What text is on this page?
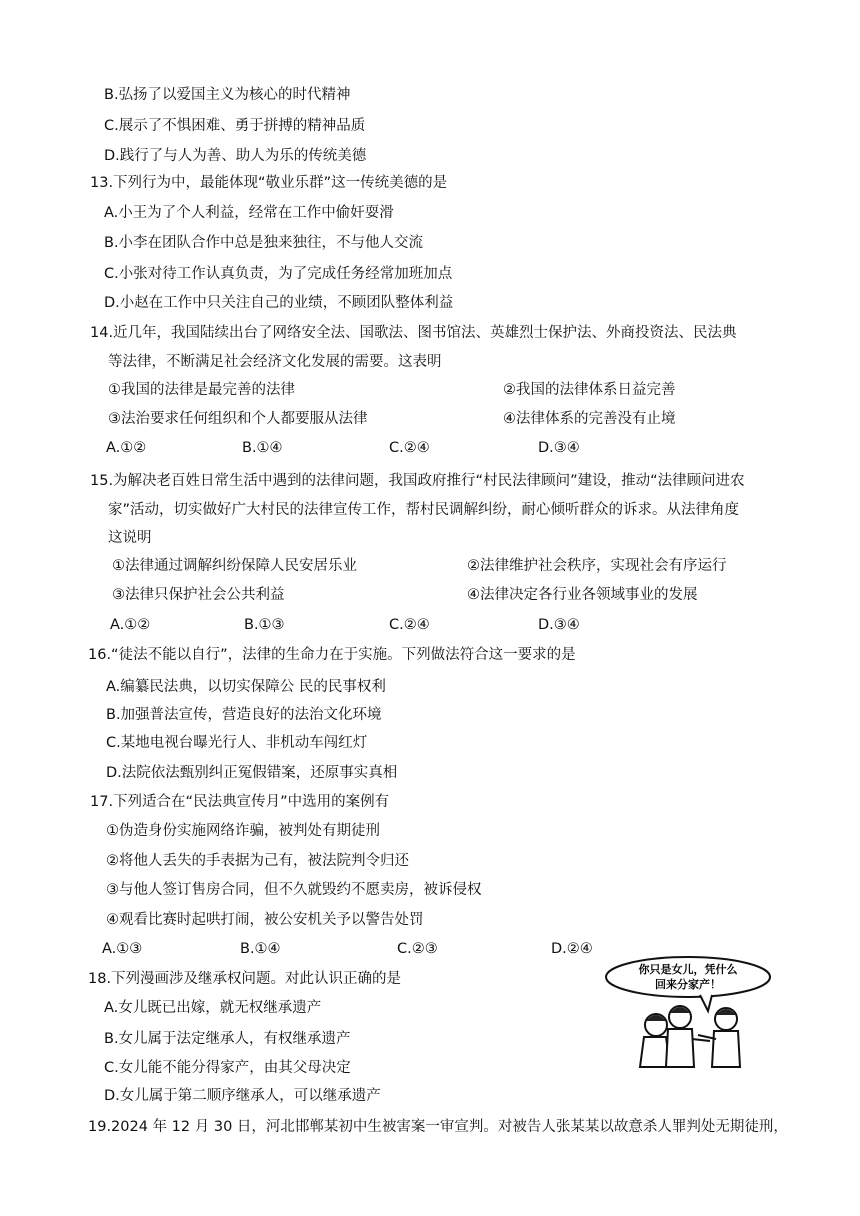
B.弘扬了以爱国主义为核心的时代精神
C.展示了不惧困难、勇于拼搏的精神品质
D.践行了与人为善、助人为乐的传统美德
13.下列行为中，最能体现“敬业乐群”这一传统美德的是
A.小王为了个人利益，经常在工作中偷奸耍滑
B.小李在团队合作中总是独来独往，不与他人交流
C.小张对待工作认真负责，为了完成任务经常加班加点
D.小赵在工作中只关注自己的业绩，不顾团队整体利益
14.近几年，我国陆续出台了网络安全法、国歌法、图书馆法、英雄烈士保护法、外商投资法、民法典
等法律，不断满足社会经济文化发展的需要。这表明
①我国的法律是最完善的法律	②我国的法律体系日益完善
③法治要求任何组织和个人都要服从法律	④法律体系的完善没有止境
A.①②	B.①④	C.②④	D.③④
15.为解决老百姓日常生活中遇到的法律问题，我国政府推行“村民法律顾问”建设，推动“法律顾问进农
家”活动，切实做好广大村民的法律宣传工作，帮村民调解纠纷，耐心倾听群众的诉求。从法律角度
这说明
①法律通过调解纠纷保障人民安居乐业	②法律维护社会秩序，实现社会有序运行
③法律只保护社会公共利益	④法律决定各行业各领域事业的发展
A.①②	B.①③	C.②④	D.③④
16.“徒法不能以自行”，法律的生命力在于实施。下列做法符合这一要求的是
A.编纂民法典，以切实保障公 民的民事权利
B.加强普法宣传，营造良好的法治文化环境
C.某地电视台曝光行人、非机动车闯红灯
D.法院依法甄别纠正冤假错案，还原事实真相
17.下列适合在“民法典宣传月”中选用的案例有
①伪造身份实施网络诈骗，被判处有期徒刑
②将他人丢失的手表据为己有，被法院判令归还
③与他人签订售房合同，但不久就毁约不愿卖房，被诉侵权
④观看比赛时起哄打闹，被公安机关予以警告处罚
A.①③	B.①④	C.②③	D.②④
18.下列漫画涉及继承权问题。对此认识正确的是
A.女儿既已出嫁，就无权继承遗产
B.女儿属于法定继承人，有权继承遗产
C.女儿能不能分得家产，由其父母决定
D.女儿属于第二顺序继承人，可以继承遗产
你只是女儿，凭什么
回来分家产！
19.2024 年 12 月 30 日，河北邯郸某初中生被害案一审宣判。对被告人张某某以故意杀人罪判处无期徒刑，
